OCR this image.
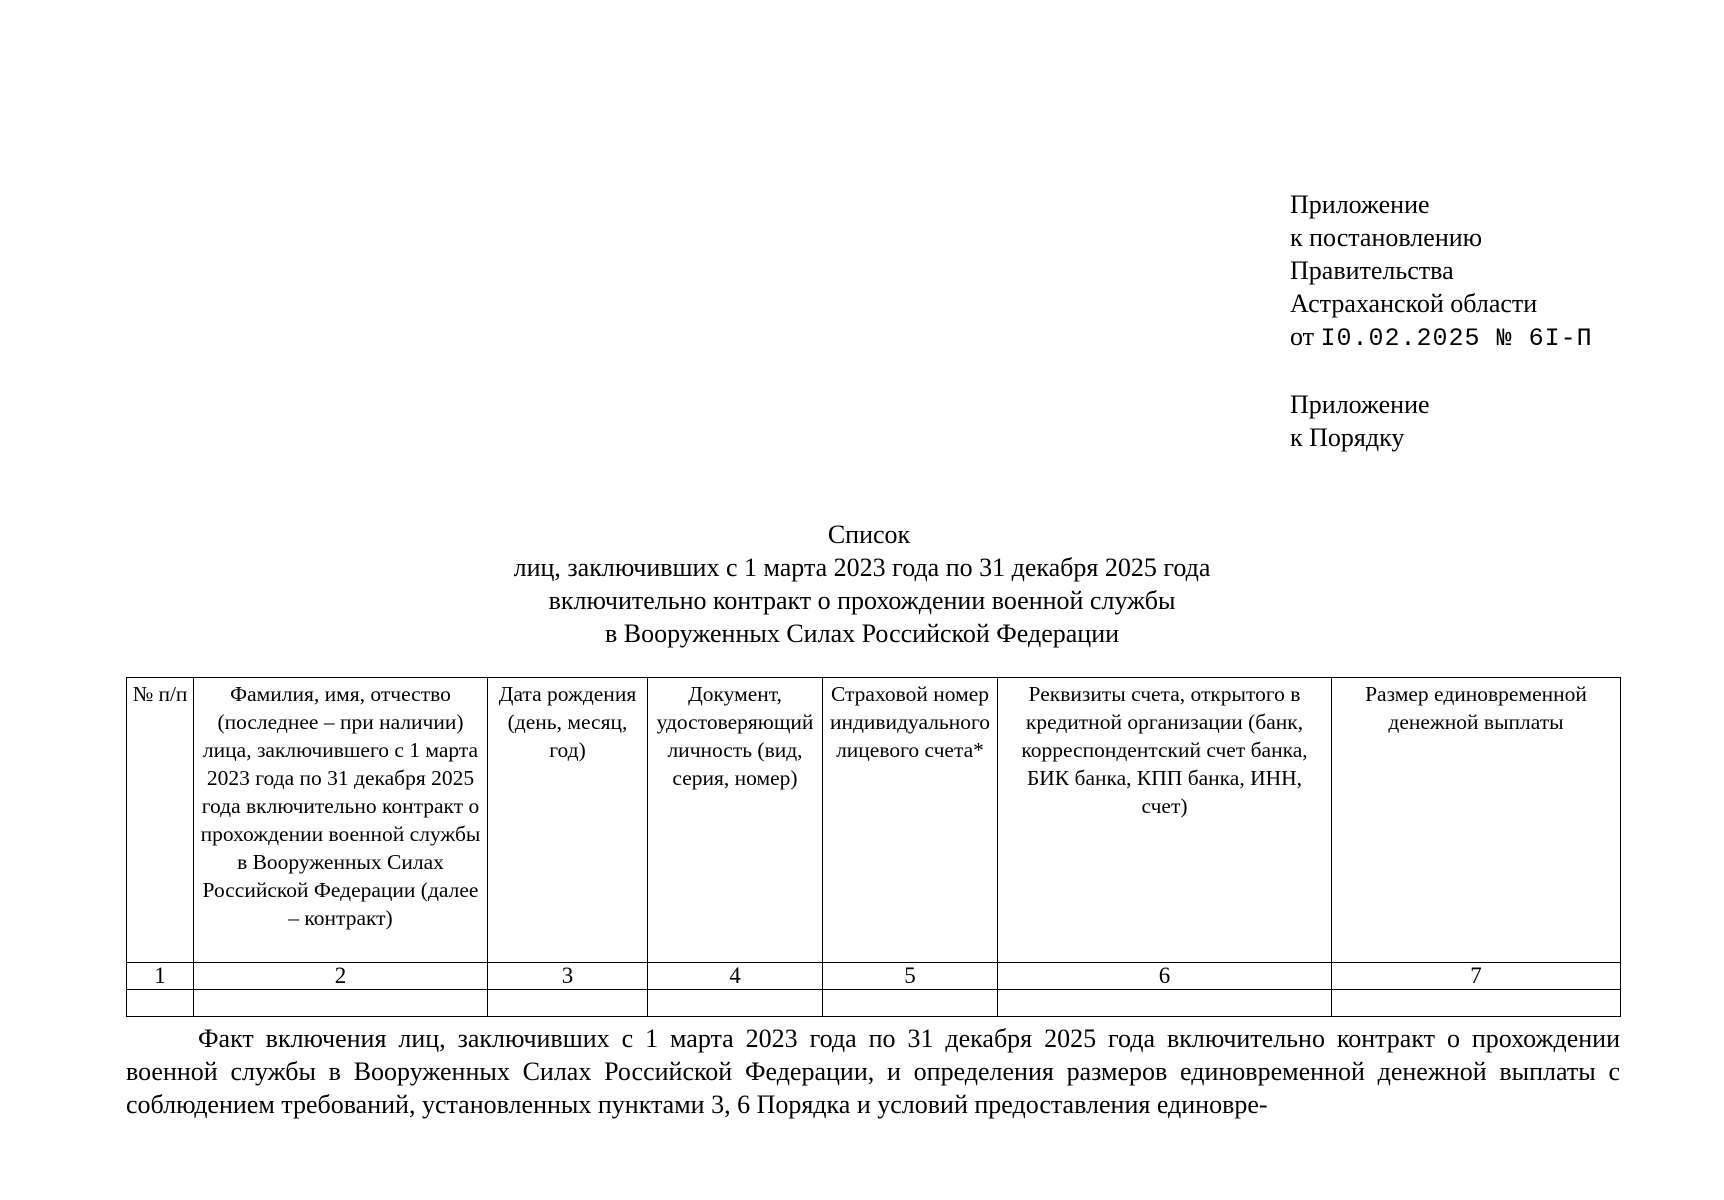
Приложение
к постановлению
Правительства
Астраханской области
от I0.02.2025 № 6I-П
Приложение
к Порядку
Список
лиц, заключивших с 1 марта 2023 года по 31 декабря 2025 года
включительно контракт о прохождении военной службы
в Вооруженных Силах Российской Федерации
№ п/п	Фамилия, имя, отчество (последнее – при наличии) лица, заключившего с 1 марта 2023 года по 31 декабря 2025 года включительно контракт о прохождении военной службы в Вооруженных Силах Российской Федерации (далее – контракт)	Дата рождения (день, месяц, год)	Документ, удостоверяющий личность (вид, серия, номер)	Страховой номер индивидуального лицевого счета*	Реквизиты счета, открытого в кредитной организации (банк, корреспондентский счет банка, БИК банка, КПП банка, ИНН, счет)	Размер единовременной денежной выплаты
1	2	3	4	5	6	7

Факт включения лиц, заключивших с 1 марта 2023 года по 31 декабря 2025 года включительно контракт о прохождении военной службы в Вооруженных Силах Российской Федерации, и определения размеров единовременной денежной выплаты с соблюдением требований, установленных пунктами 3, 6 Порядка и условий предоставления единовре-
